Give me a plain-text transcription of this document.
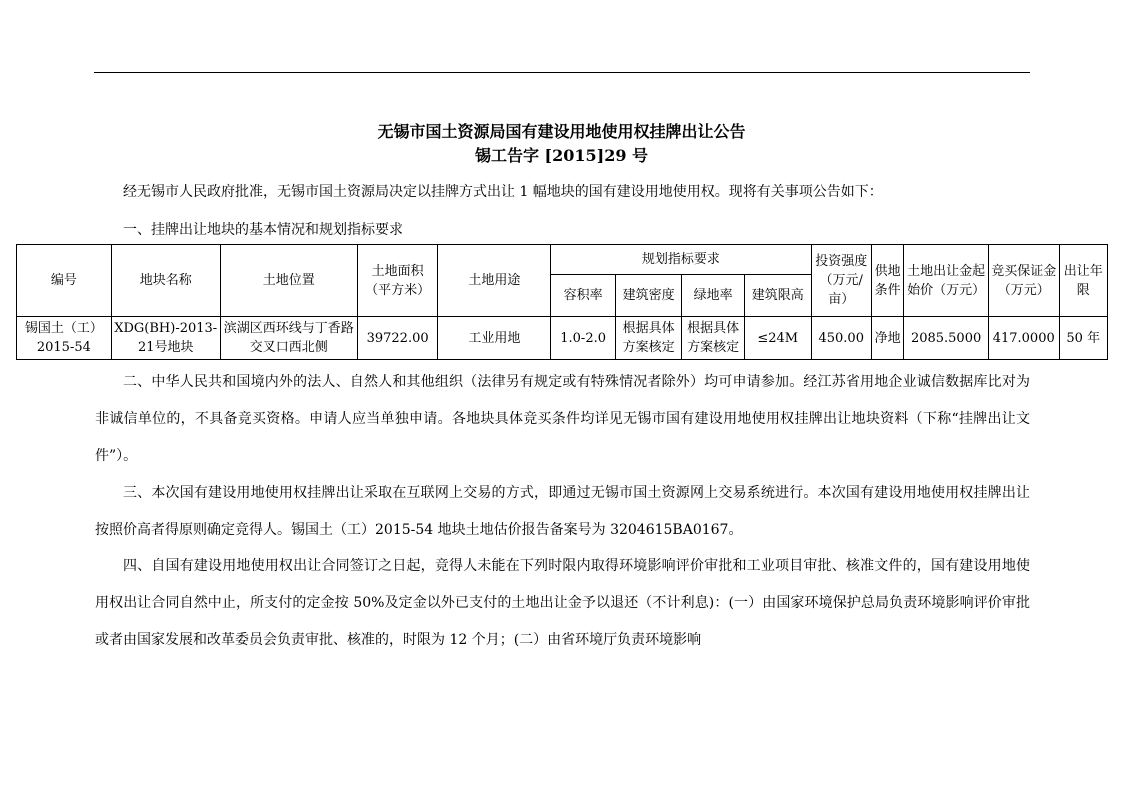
无锡市国土资源局国有建设用地使用权挂牌出让公告
锡工告字 [2015]29 号
经无锡市人民政府批准，无锡市国土资源局决定以挂牌方式出让 1 幅地块的国有建设用地使用权。现将有关事项公告如下：
一、挂牌出让地块的基本情况和规划指标要求
编号	地块名称	土地位置	土地面积（平方米）	土地用途	规划指标要求				投资强度（万元/亩）	供地条件	土地出让金起始价（万元）	竞买保证金（万元）	出让年限
					容积率	建筑密度	绿地率	建筑限高					
锡国土（工）2015-54	XDG(BH)-2013-21号地块	滨湖区西环线与丁香路交叉口西北侧	39722.00	工业用地	1.0-2.0	根据具体方案核定	根据具体方案核定	≤24M	450.00	净地	2085.5000	417.0000	50 年
二、中华人民共和国境内外的法人、自然人和其他组织（法律另有规定或有特殊情况者除外）均可申请参加。经江苏省用地企业诚信数据库比对为非诚信单位的，不具备竞买资格。申请人应当单独申请。各地块具体竞买条件均详见无锡市国有建设用地使用权挂牌出让地块资料（下称“挂牌出让文件”）。
三、本次国有建设用地使用权挂牌出让采取在互联网上交易的方式，即通过无锡市国土资源网上交易系统进行。本次国有建设用地使用权挂牌出让按照价高者得原则确定竞得人。锡国土（工）2015-54 地块土地估价报告备案号为 3204615BA0167。
四、自国有建设用地使用权出让合同签订之日起，竞得人未能在下列时限内取得环境影响评价审批和工业项目审批、核准文件的，国有建设用地使用权出让合同自然中止，所支付的定金按 50%及定金以外已支付的土地出让金予以退还（不计利息)：(一）由国家环境保护总局负责环境影响评价审批或者由国家发展和改革委员会负责审批、核准的，时限为 12 个月；(二）由省环境厅负责环境影响
